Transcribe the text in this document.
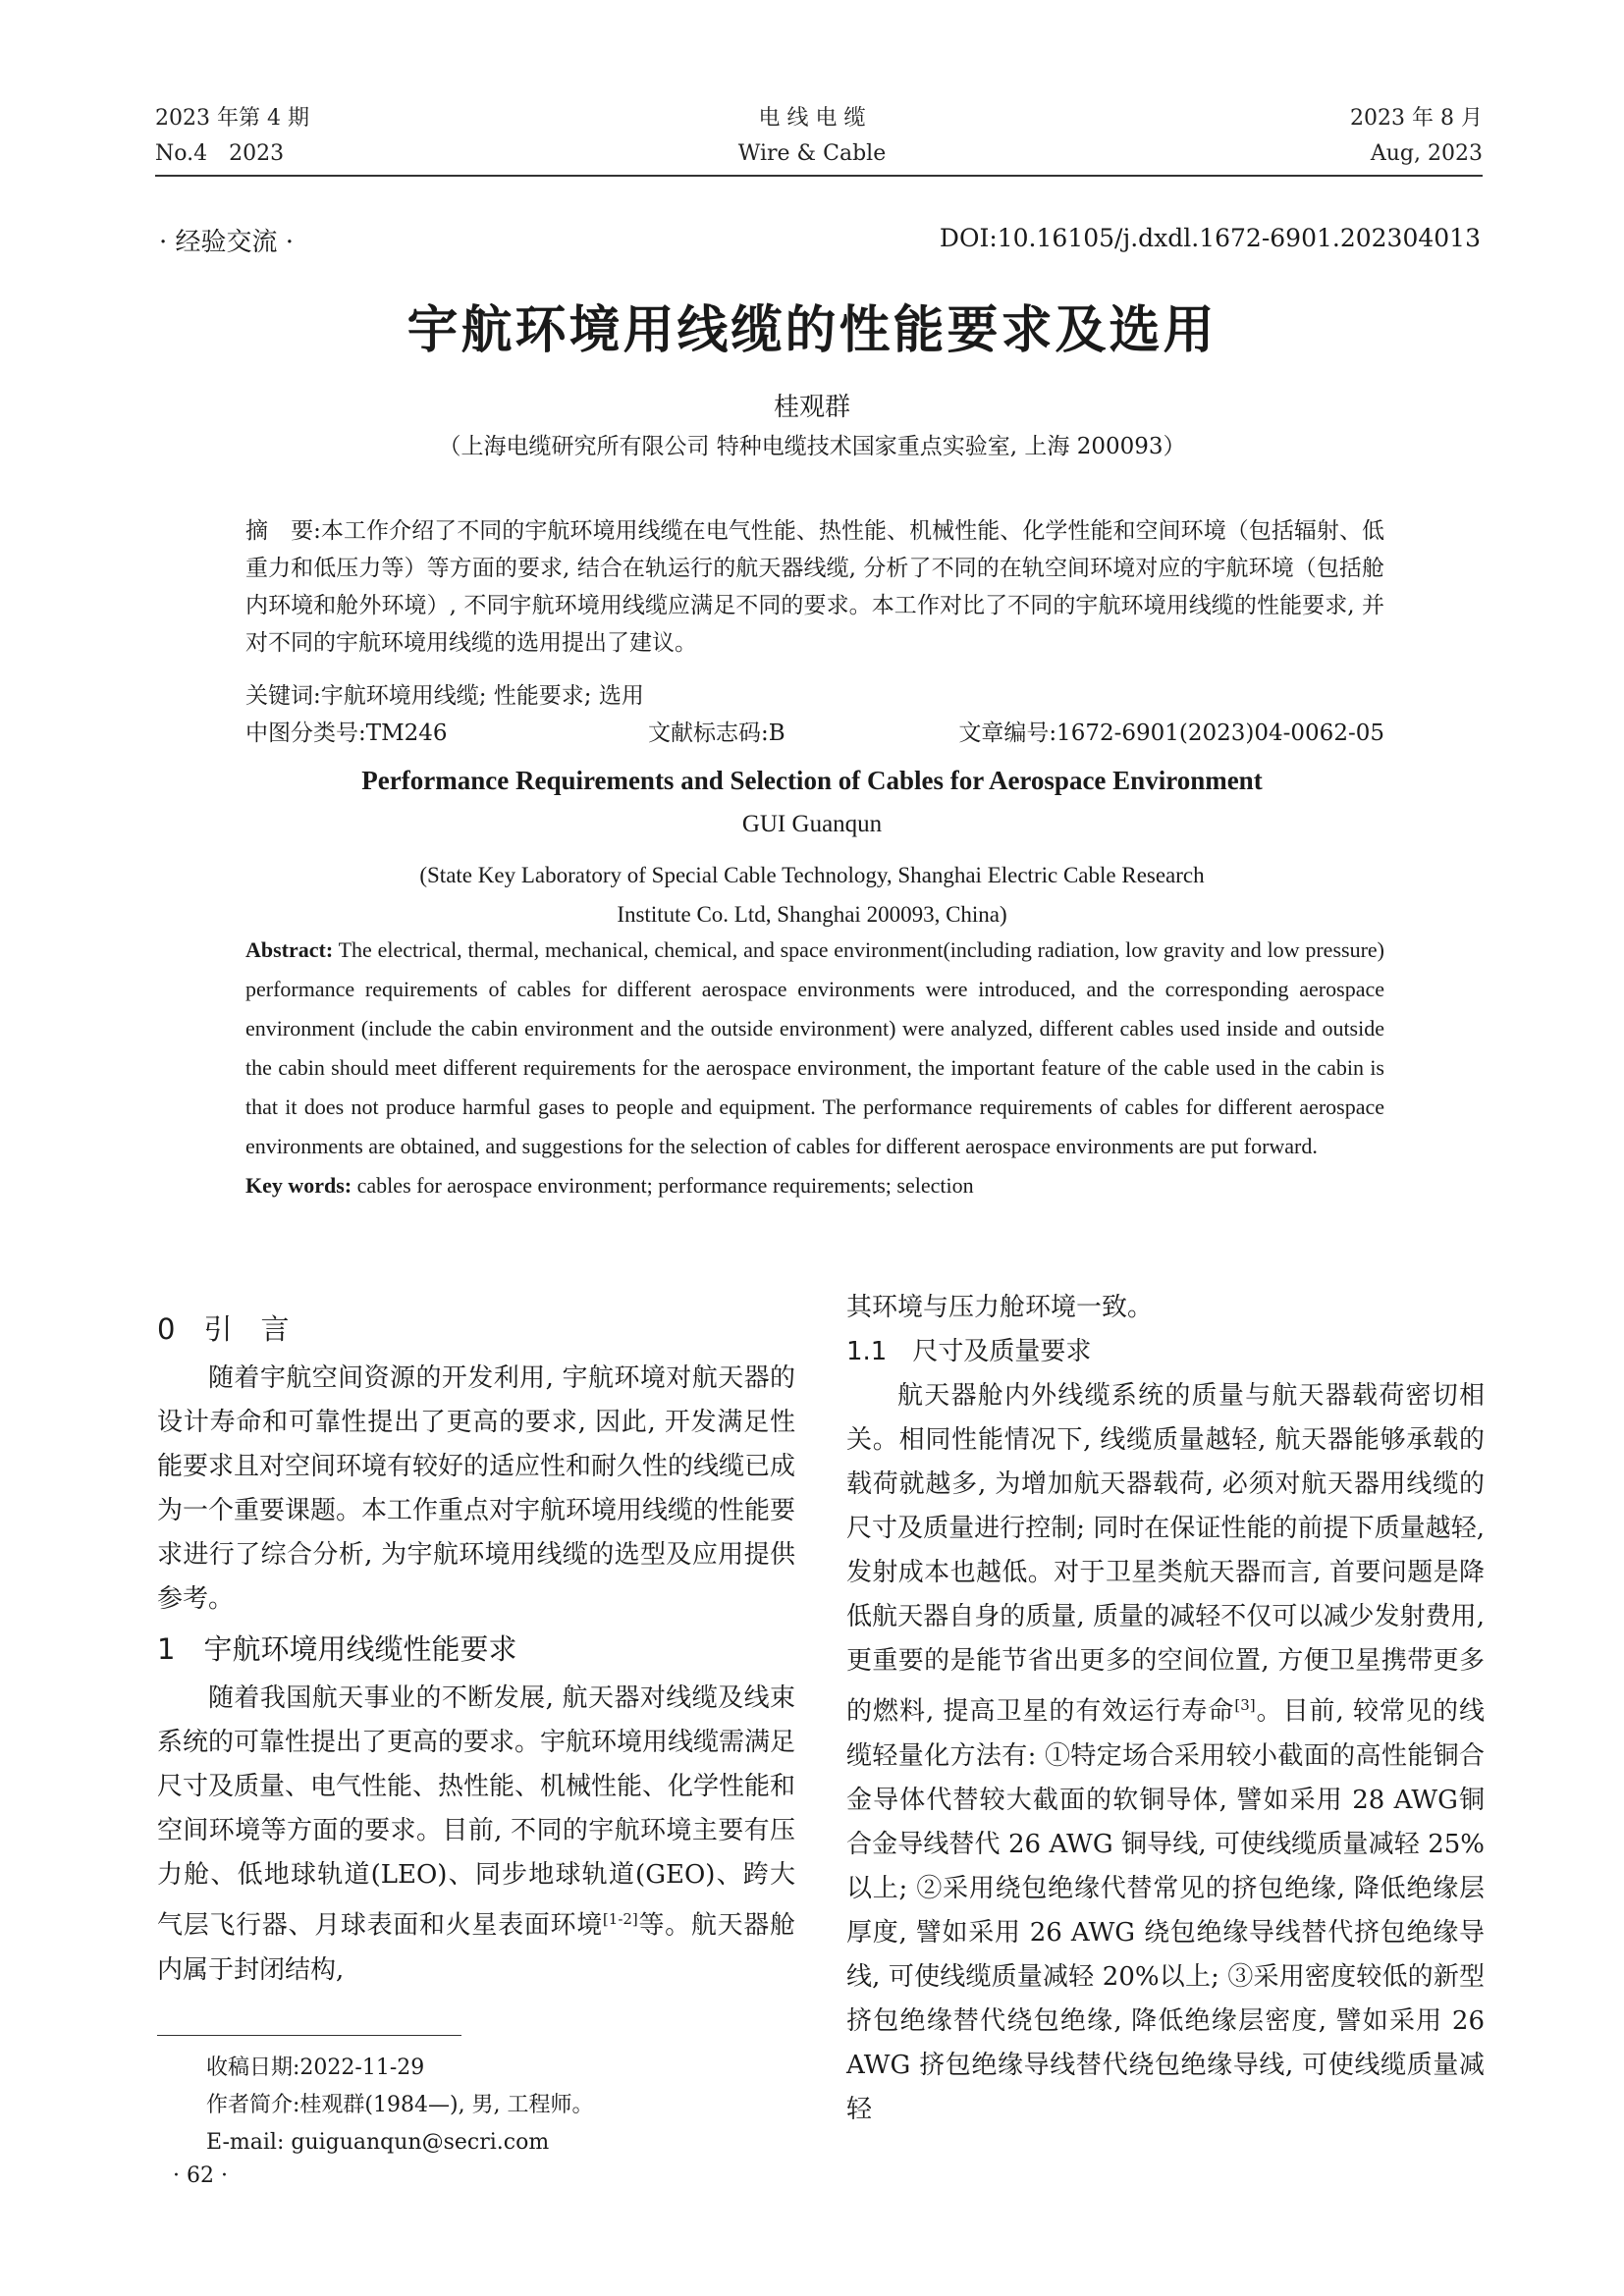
2023 年第 4 期
No.4　2023
电 线 电 缆
Wire & Cable
2023 年 8 月
Aug, 2023
· 经验交流 ·	DOI:10.16105/j.dxdl.1672-6901.202304013
宇航环境用线缆的性能要求及选用
桂观群
（上海电缆研究所有限公司 特种电缆技术国家重点实验室, 上海 200093）

摘　要:本工作介绍了不同的宇航环境用线缆在电气性能、热性能、机械性能、化学性能和空间环境（包括辐射、低重力和低压力等）等方面的要求, 结合在轨运行的航天器线缆, 分析了不同的在轨空间环境对应的宇航环境（包括舱内环境和舱外环境）, 不同宇航环境用线缆应满足不同的要求。本工作对比了不同的宇航环境用线缆的性能要求, 并对不同的宇航环境用线缆的选用提出了建议。

关键词:宇航环境用线缆; 性能要求; 选用

中图分类号:TM246	文献标志码:B	文章编号:1672-6901(2023)04-0062-05
Performance Requirements and Selection of Cables for Aerospace Environment
GUI Guanqun
(State Key Laboratory of Special Cable Technology, Shanghai Electric Cable Research
Institute Co. Ltd, Shanghai 200093, China)

Abstract: The electrical, thermal, mechanical, chemical, and space environment(including radiation, low gravity and low pressure) performance requirements of cables for different aerospace environments were introduced, and the corresponding aerospace environment (include the cabin environment and the outside environment) were analyzed, different cables used inside and outside the cabin should meet different requirements for the aerospace environment, the important feature of the cable used in the cabin is that it does not produce harmful gases to people and equipment. The performance requirements of cables for different aerospace environments are obtained, and suggestions for the selection of cables for different aerospace environments are put forward.

Key words: cables for aerospace environment; performance requirements; selection

0　引　言

随着宇航空间资源的开发利用, 宇航环境对航天器的设计寿命和可靠性提出了更高的要求, 因此, 开发满足性能要求且对空间环境有较好的适应性和耐久性的线缆已成为一个重要课题。本工作重点对宇航环境用线缆的性能要求进行了综合分析, 为宇航环境用线缆的选型及应用提供参考。

1　宇航环境用线缆性能要求

随着我国航天事业的不断发展, 航天器对线缆及线束系统的可靠性提出了更高的要求。宇航环境用线缆需满足尺寸及质量、电气性能、热性能、机械性能、化学性能和空间环境等方面的要求。目前, 不同的宇航环境主要有压力舱、低地球轨道(LEO)、同步地球轨道(GEO)、跨大气层飞行器、月球表面和火星表面环境[1-2]等。航天器舱内属于封闭结构,

其环境与压力舱环境一致。

1.1　尺寸及质量要求

航天器舱内外线缆系统的质量与航天器载荷密切相关。相同性能情况下, 线缆质量越轻, 航天器能够承载的载荷就越多, 为增加航天器载荷, 必须对航天器用线缆的尺寸及质量进行控制; 同时在保证性能的前提下质量越轻, 发射成本也越低。对于卫星类航天器而言, 首要问题是降低航天器自身的质量, 质量的减轻不仅可以减少发射费用, 更重要的是能节省出更多的空间位置, 方便卫星携带更多的燃料, 提高卫星的有效运行寿命[3]。目前, 较常见的线缆轻量化方法有: ①特定场合采用较小截面的高性能铜合金导体代替较大截面的软铜导体, 譬如采用 28 AWG铜合金导线替代 26 AWG 铜导线, 可使线缆质量减轻 25%以上; ②采用绕包绝缘代替常见的挤包绝缘, 降低绝缘层厚度, 譬如采用 26 AWG 绕包绝缘导线替代挤包绝缘导线, 可使线缆质量减轻 20%以上; ③采用密度较低的新型挤包绝缘替代绕包绝缘, 降低绝缘层密度, 譬如采用 26 AWG 挤包绝缘导线替代绕包绝缘导线, 可使线缆质量减轻

收稿日期:2022-11-29
作者简介:桂观群(1984—), 男, 工程师。
E-mail: guiguanqun@secri.com
· 62 ·
